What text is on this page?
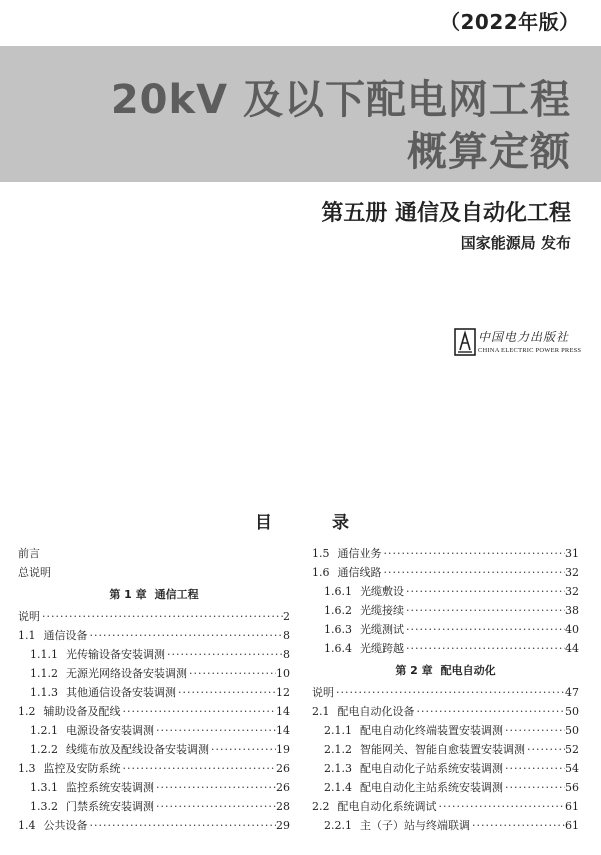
（2022年版）
20kV 及以下配电网工程
概算定额
第五册 通信及自动化工程
国家能源局 发布
中国电力出版社
CHINA ELECTRIC POWER PRESS
目	录
前言
总说明
第 1 章 通信工程
说明 ·····	2
1.1 通信设备 ·····	8
1.1.1 光传输设备安装调测 ·····	8
1.1.2 无源光网络设备安装调测 ·····	10
1.1.3 其他通信设备安装调测 ·····	12
1.2 辅助设备及配线 ·····	14
1.2.1 电源设备安装调测 ·····	14
1.2.2 线缆布放及配线设备安装调测 ·····	19
1.3 监控及安防系统 ·····	26
1.3.1 监控系统安装调测 ·····	26
1.3.2 门禁系统安装调测 ·····	28
1.4 公共设备 ·····	29
1.5 通信业务 ·····	31
1.6 通信线路 ·····	32
1.6.1 光缆敷设 ·····	32
1.6.2 光缆接续 ·····	38
1.6.3 光缆测试 ·····	40
1.6.4 光缆跨越 ·····	44
第 2 章 配电自动化
说明 ·····	47
2.1 配电自动化设备 ·····	50
2.1.1 配电自动化终端装置安装调测 ·····	50
2.1.2 智能网关、智能自愈装置安装调测 ·····	52
2.1.3 配电自动化子站系统安装调测 ·····	54
2.1.4 配电自动化主站系统安装调测 ·····	56
2.2 配电自动化系统调试 ·····	61
2.2.1 主（子）站与终端联调 ·····	61
